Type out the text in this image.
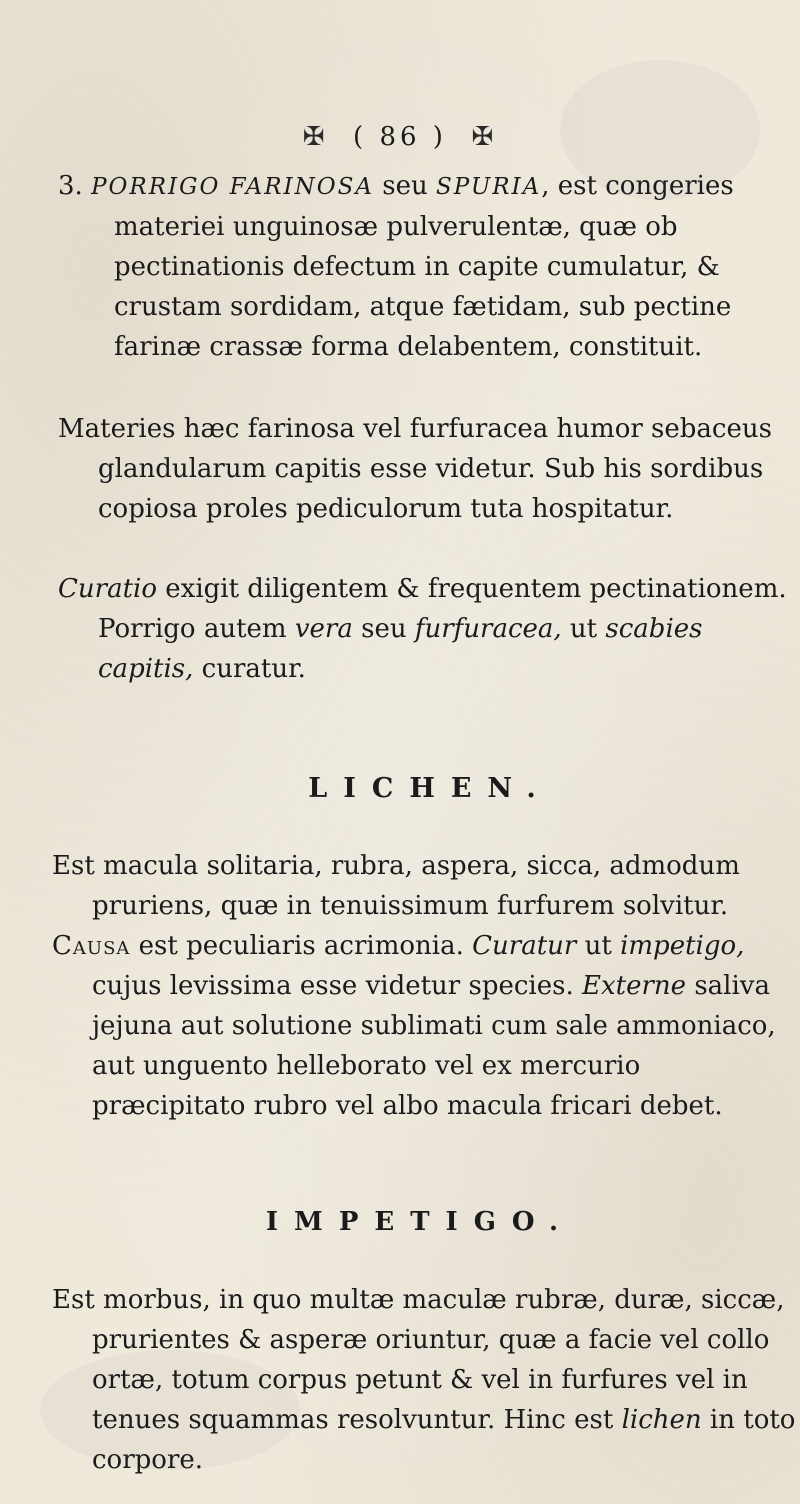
✠ ( 86 ) ✠
3. PORRIGO FARINOSA seu SPURIA, est congeries materiei unguinosæ pulverulentæ, quæ ob pectinationis defectum in capite cumulatur, & crustam sordidam, atque fætidam, sub pectine farinæ crassæ forma delabentem, constituit.
Materies hæc farinosa vel furfuracea humor sebaceus glandularum capitis esse videtur. Sub his sordibus copiosa proles pediculorum tuta hospitatur.
Curatio exigit diligentem & frequentem pectinationem. Porrigo autem vera seu furfuracea, ut scabies capitis, curatur.
LICHEN.
Est macula solitaria, rubra, aspera, sicca, admodum pruriens, quæ in tenuissimum furfurem solvitur.
Causa est peculiaris acrimonia. Curatur ut impetigo, cujus levissima esse videtur species. Externe saliva jejuna aut solutione sublimati cum sale ammoniaco, aut unguento helleborato vel ex mercurio præcipitato rubro vel albo macula fricari debet.
IMPETIGO.
Est morbus, in quo multæ maculæ rubræ, duræ, siccæ, prurientes & asperæ oriuntur, quæ a facie vel collo ortæ, totum corpus petunt & vel in furfures vel in tenues squammas resolvuntur. Hinc est lichen in toto corpore.
